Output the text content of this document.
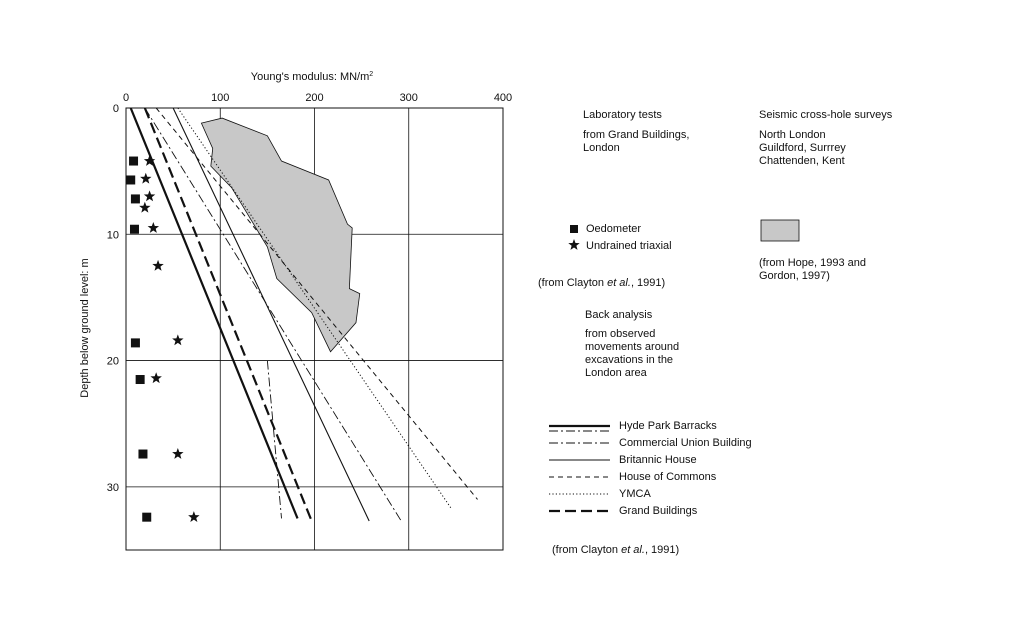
0	100	200	300	400
0
10
20
30
Young's modulus: $MN/m^2$
Depth below ground level: m
Laboratory tests
from Grand Buildings,
London
Seismic cross-hole surveys
North London
Guildford, Surrrey
Chattenden, Kent
Oedometer
Undrained triaxial
(from Hope, 1993 and
Gordon, 1997)
(from Clayton et al., 1991)
Back analysis
from observed
movements around
excavations in the
London area
Hyde Park Barracks
Commercial Union Building
Britannic House
House of Commons
YMCA
Grand Buildings
(from Clayton et al., 1991)
